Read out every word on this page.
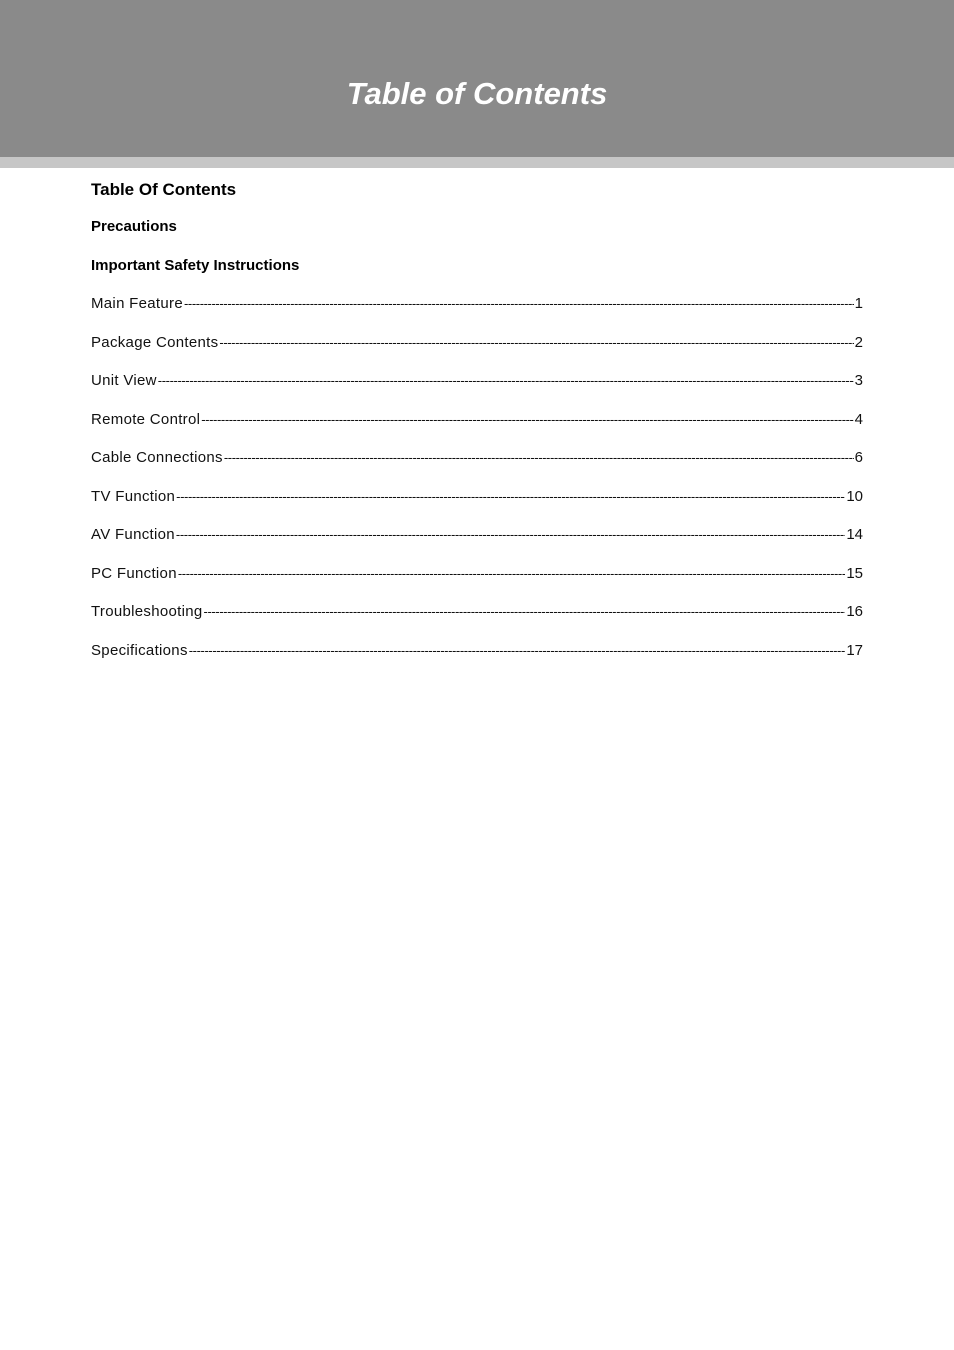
Table of Contents
Table Of Contents
Precautions
Important Safety Instructions
Main Feature -----	1
Package Contents -----	2
Unit View -----	3
Remote Control -----	4
Cable Connections -----	6
TV Function -----	10
AV Function -----	14
PC Function -----	15
Troubleshooting -----	16
Specifications -----	17
